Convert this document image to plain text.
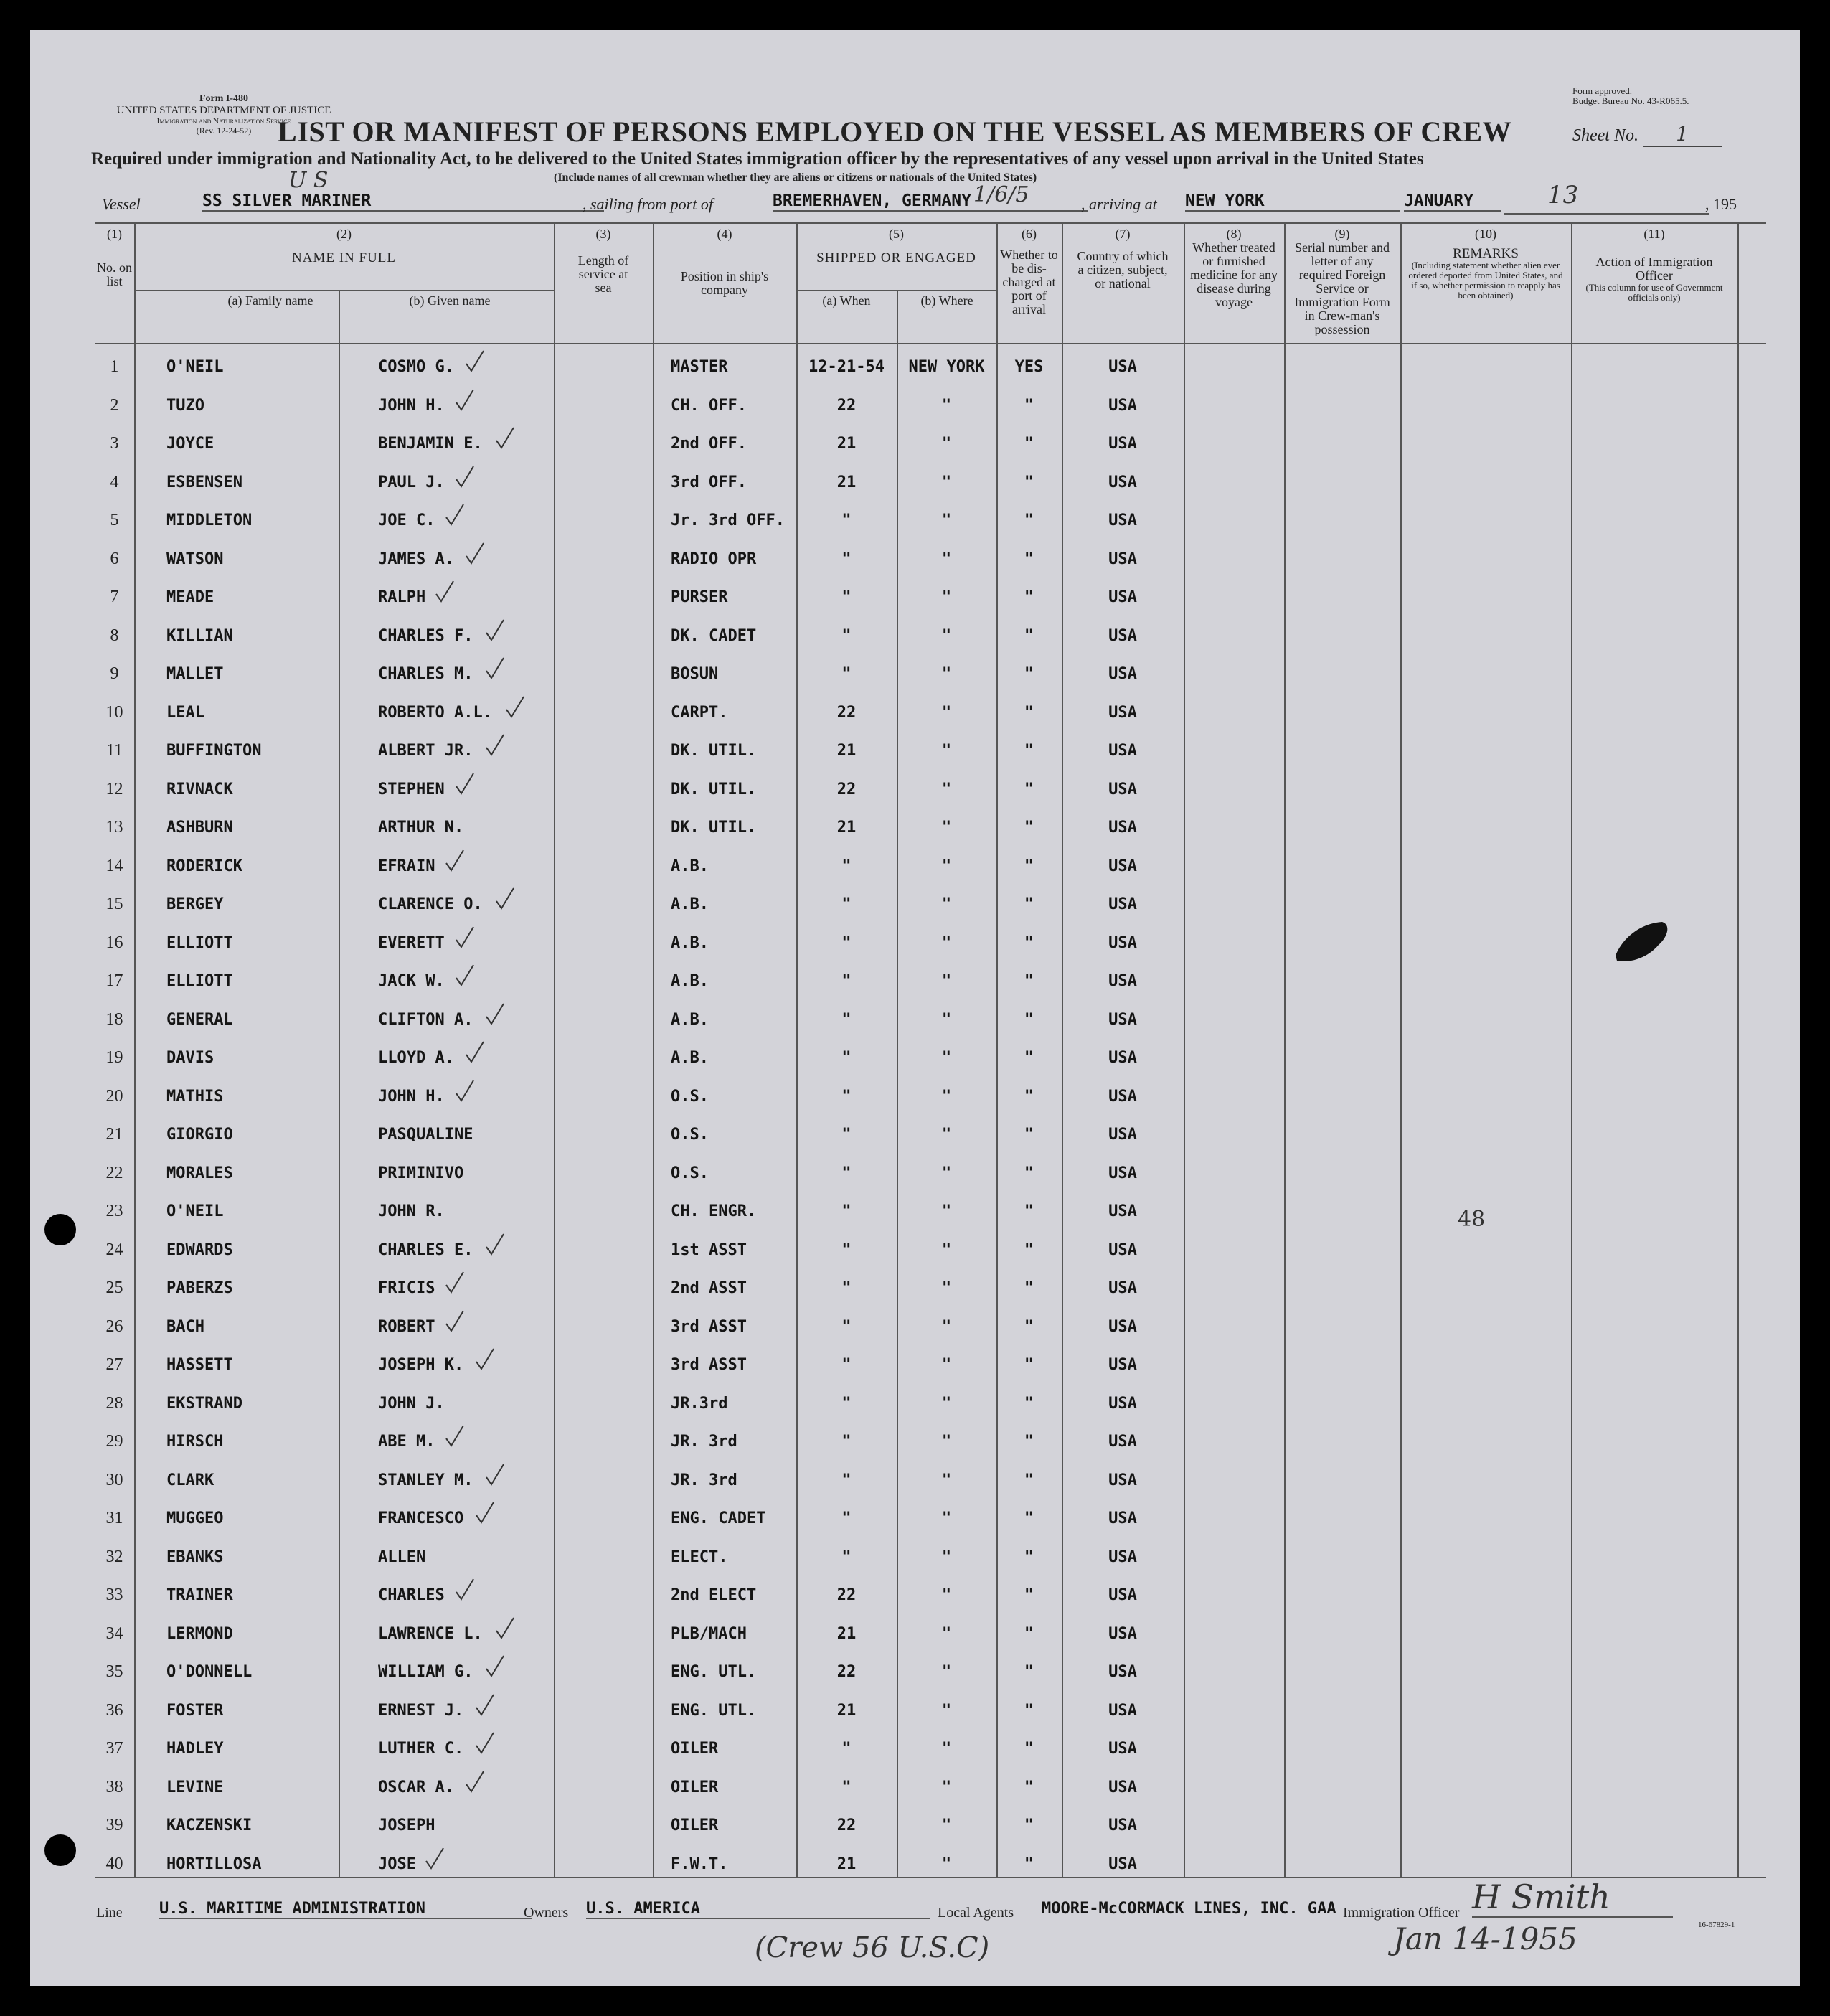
Form I-480
UNITED STATES DEPARTMENT OF JUSTICE
Immigration and Naturalization Service
(Rev. 12-24-52)
Form approved.
Budget Bureau No. 43-R065.5.
LIST OR MANIFEST OF PERSONS EMPLOYED ON THE VESSEL AS MEMBERS OF CREW	Sheet No. 1
Required under immigration and Nationality Act, to be delivered to the United States immigration officer by the representatives of any vessel upon arrival in the United States
(Include names of all crewman whether they are aliens or citizens or nationals of the United States)
Vessel
U S
SS SILVER MARINER	, sailing from port of	BREMERHAVEN, GERMANY 1/6/5	, arriving at NEW YORK	JANUARY	13	, 195
(1)
No. on list
(2)
NAME IN FULL
(a) Family name	(b) Given name
(3)
Length of service at sea
(4)
Position in ship's company
(5)
SHIPPED OR ENGAGED
(a) When	(b) Where
(6)
Whether to be dis-charged at port of arrival
(7)
Country of which a citizen, subject, or national
(8)
Whether treated or furnished medicine for any disease during voyage
(9)
Serial number and letter of any required Foreign Service or Immigration Form in Crew-man's possession
(10)
REMARKS
(Including statement whether alien ever ordered deported from United States, and if so, whether permission to reapply has been obtained)
(11)
Action of Immigration Officer
(This column for use of Government officials only)
1	O'NEIL	COSMO G.	MASTER	12-21-54	NEW YORK	YES	USA
2	TUZO	JOHN H.	CH. OFF.	22	"	"	USA
3	JOYCE	BENJAMIN E.	2nd OFF.	21	"	"	USA
4	ESBENSEN	PAUL J.	3rd OFF.	21	"	"	USA
5	MIDDLETON	JOE C.	Jr. 3rd OFF.	"	"	"	USA
6	WATSON	JAMES A.	RADIO OPR	"	"	"	USA
7	MEADE	RALPH	PURSER	"	"	"	USA
8	KILLIAN	CHARLES F.	DK. CADET	"	"	"	USA
9	MALLET	CHARLES M.	BOSUN	"	"	"	USA
10	LEAL	ROBERTO A.L.	CARPT.	22	"	"	USA
11	BUFFINGTON	ALBERT JR.	DK. UTIL.	21	"	"	USA
12	RIVNACK	STEPHEN	DK. UTIL.	22	"	"	USA
13	ASHBURN	ARTHUR N.	DK. UTIL.	21	"	"	USA
14	RODERICK	EFRAIN	A.B.	"	"	"	USA
15	BERGEY	CLARENCE O.	A.B.	"	"	"	USA
16	ELLIOTT	EVERETT	A.B.	"	"	"	USA
17	ELLIOTT	JACK W.	A.B.	"	"	"	USA
18	GENERAL	CLIFTON A.	A.B.	"	"	"	USA
19	DAVIS	LLOYD A.	A.B.	"	"	"	USA
20	MATHIS	JOHN H.	O.S.	"	"	"	USA
21	GIORGIO	PASQUALINE	O.S.	"	"	"	USA
22	MORALES	PRIMINIVO	O.S.	"	"	"	USA
23	O'NEIL	JOHN R.	CH. ENGR.	"	"	"	USA
24	EDWARDS	CHARLES E.	1st ASST	"	"	"	USA
25	PABERZS	FRICIS	2nd ASST	"	"	"	USA
26	BACH	ROBERT	3rd ASST	"	"	"	USA
27	HASSETT	JOSEPH K.	3rd ASST	"	"	"	USA
28	EKSTRAND	JOHN J.	JR.3rd	"	"	"	USA
29	HIRSCH	ABE M.	JR. 3rd	"	"	"	USA
30	CLARK	STANLEY M.	JR. 3rd	"	"	"	USA
31	MUGGEO	FRANCESCO	ENG. CADET	"	"	"	USA
32	EBANKS	ALLEN	ELECT.	"	"	"	USA
33	TRAINER	CHARLES	2nd ELECT	22	"	"	USA
34	LERMOND	LAWRENCE L.	PLB/MACH	21	"	"	USA
35	O'DONNELL	WILLIAM G.	ENG. UTL.	22	"	"	USA
36	FOSTER	ERNEST J.	ENG. UTL.	21	"	"	USA
37	HADLEY	LUTHER C.	OILER	"	"	"	USA
38	LEVINE	OSCAR A.	OILER	"	"	"	USA
39	KACZENSKI	JOSEPH	OILER	22	"	"	USA
40	HORTILLOSA	JOSE	F.W.T.	21	"	"	USA
48
Line U.S. MARITIME ADMINISTRATION	Owners U.S. AMERICA	Local Agents MOORE-McCORMACK LINES, INC. GAA Immigration Officer H Smith
Jan 14-1955
(Crew 56 U.S.C)
16-67829-1
